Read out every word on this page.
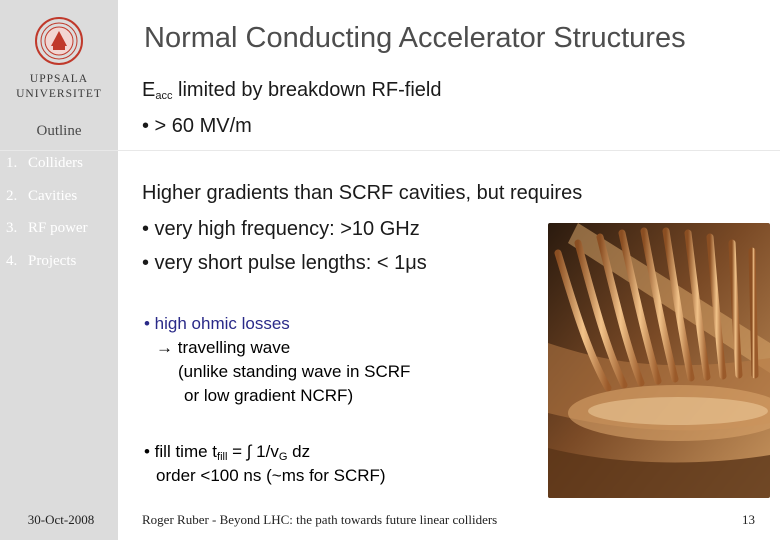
UPPSALA
UNIVERSITET
Outline
1. Colliders
2. Cavities
3. RF power
4. Projects
Normal Conducting Accelerator Structures
$E_{acc}$ limited by breakdown RF-field
• > 60 MV/m
Higher gradients than SCRF cavities, but requires
• very high frequency: >10 GHz
• very short pulse lengths: < 1μs
• high ohmic losses
→ travelling wave
(unlike standing wave in SCRF
or low gradient NCRF)
• fill time $t_{fill}$ = ∫ $1/v_G$ dz
order <100 ns (~ms for SCRF)
30-Oct-2008	Roger Ruber - Beyond LHC: the path towards future linear colliders	13
